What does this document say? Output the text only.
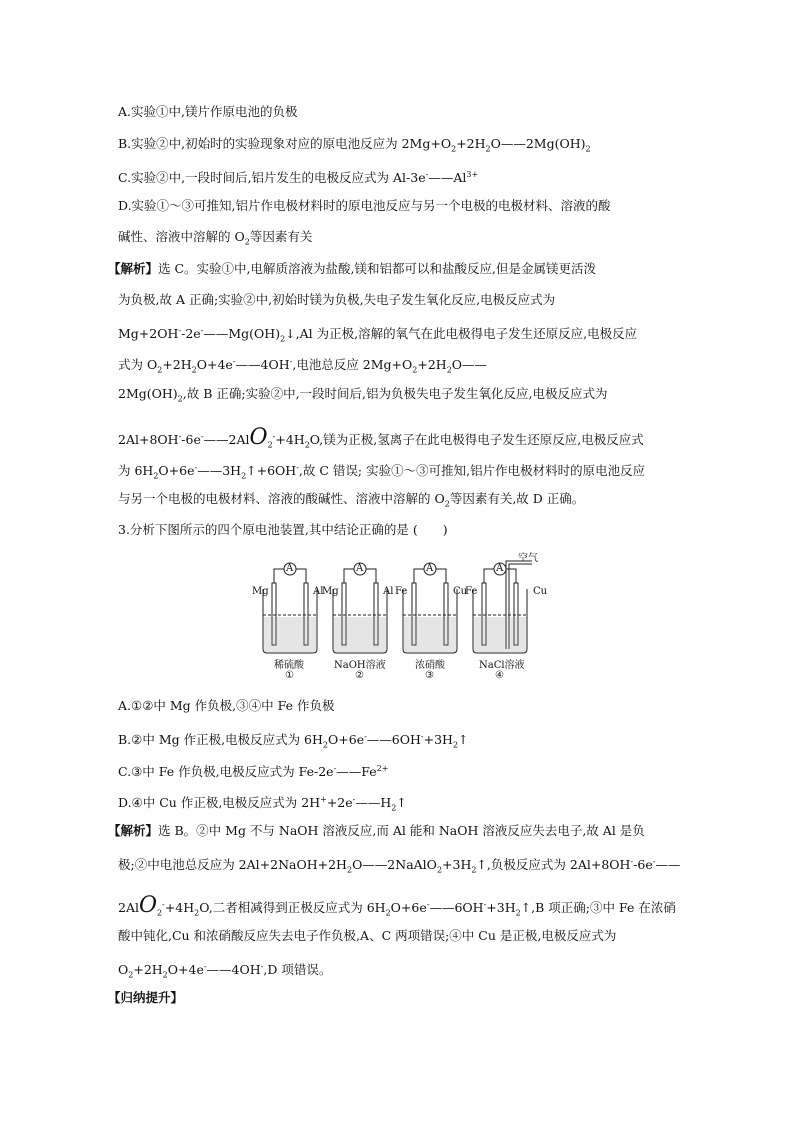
A.实验①中,镁片作原电池的负极
B.实验②中,初始时的实验现象对应的原电池反应为 $2Mg+O_2+2H_2O——2Mg(OH)_2$
C.实验②中,一段时间后,铝片发生的电极反应式为 $Al-3e^-——Al^{3+}$
D.实验①～③可推知,铝片作电极材料时的原电池反应与另一个电极的电极材料、溶液的酸
碱性、溶液中溶解的 $O_2$等因素有关
【解析】选 C。实验①中,电解质溶液为盐酸,镁和铝都可以和盐酸反应,但是金属镁更活泼
为负极,故 A 正确;实验②中,初始时镁为负极,失电子发生氧化反应,电极反应式为
$Mg+2OH^--2e^-——Mg(OH)_2↓,Al$ 为正极,溶解的氧气在此电极得电子发生还原反应,电极反应
式为 $O_2+2H_2O+4e^-——4OH^-$,电池总反应 $2Mg+O_2+2H_2O——$
$2Mg(OH)_2$,故 B 正确;实验②中,一段时间后,铝为负极失电子发生氧化反应,电极反应式为
$2Al+8OH^--6e^-——2AlO_2^-+4H_2O$,镁为正极,氢离子在此电极得电子发生还原反应,电极反应式
为 $6H_2O+6e^-——3H_2↑+6OH^-$,故 C 错误; 实验①～③可推知,铝片作电极材料时的原电池反应
与另一个电极的电极材料、溶液的酸碱性、溶液中溶解的 $O_2$等因素有关,故 D 正确。
3.分析下图所示的四个原电池装置,其中结论正确的是 (　　)
A	A	A	A
空气
Mg	Al
Mg	Al Fe	Cu
Fe	Cu
稀硫酸	NaOH溶液	浓硝酸	NaCl溶液
①	②	③	④
A.①②中 Mg 作负极,③④中 Fe 作负极
B.②中 Mg 作正极,电极反应式为 $6H_2O+6e^-——6OH^-+3H_2↑$
C.③中 Fe 作负极,电极反应式为 $Fe-2e^-——Fe^{2+}$
D.④中 Cu 作正极,电极反应式为 $2H^++2e^-——H_2↑$
【解析】选 B。②中 Mg 不与 NaOH 溶液反应,而 Al 能和 NaOH 溶液反应失去电子,故 Al 是负
极;②中电池总反应为 $2Al+2NaOH+2H_2O——2NaAlO_2+3H_2↑$,负极反应式为 2Al+8OH--6e-——
$2AlO_2^-+4H_2O$,二者相减得到正极反应式为 $6H_2O+6e^-——6OH^-+3H_2↑,B$ 项正确;③中 Fe 在浓硝
酸中钝化,Cu 和浓硝酸反应失去电子作负极,A、C 两项错误;④中 Cu 是正极,电极反应式为
$O_2+2H_2O+4e^-——4OH^-,D$ 项错误。
【归纳提升】
